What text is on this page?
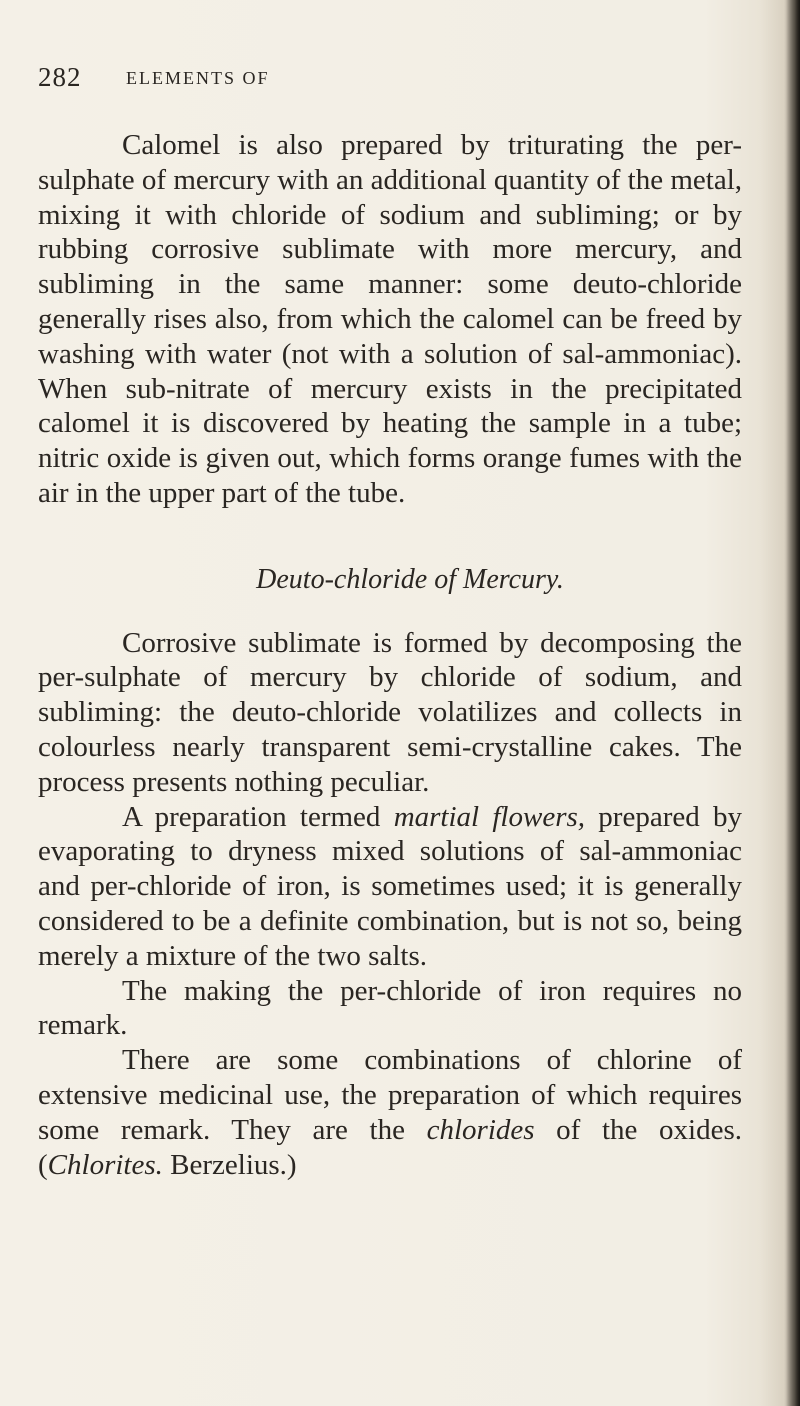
282 ELEMENTS OF

Calomel is also prepared by triturating the per-sulphate of mercury with an additional quantity of the metal, mixing it with chloride of sodium and subliming; or by rubbing corrosive sublimate with more mercury, and subliming in the same manner: some deuto-chloride generally rises also, from which the calomel can be freed by washing with water (not with a solution of sal-ammoniac). When sub-nitrate of mercury exists in the precipitated calomel it is discovered by heating the sample in a tube; nitric oxide is given out, which forms orange fumes with the air in the upper part of the tube.

Deuto-chloride of Mercury.

Corrosive sublimate is formed by decomposing the per-sulphate of mercury by chloride of sodium, and subliming: the deuto-chloride volatilizes and collects in colourless nearly transparent semi-crystalline cakes. The process presents nothing peculiar.

A preparation termed martial flowers, prepared by evaporating to dryness mixed solutions of sal-ammoniac and per-chloride of iron, is sometimes used; it is generally considered to be a definite combination, but is not so, being merely a mixture of the two salts.

The making the per-chloride of iron requires no remark.

There are some combinations of chlorine of extensive medicinal use, the preparation of which requires some remark. They are the chlorides of the oxides. (Chlorites. Berzelius.)
